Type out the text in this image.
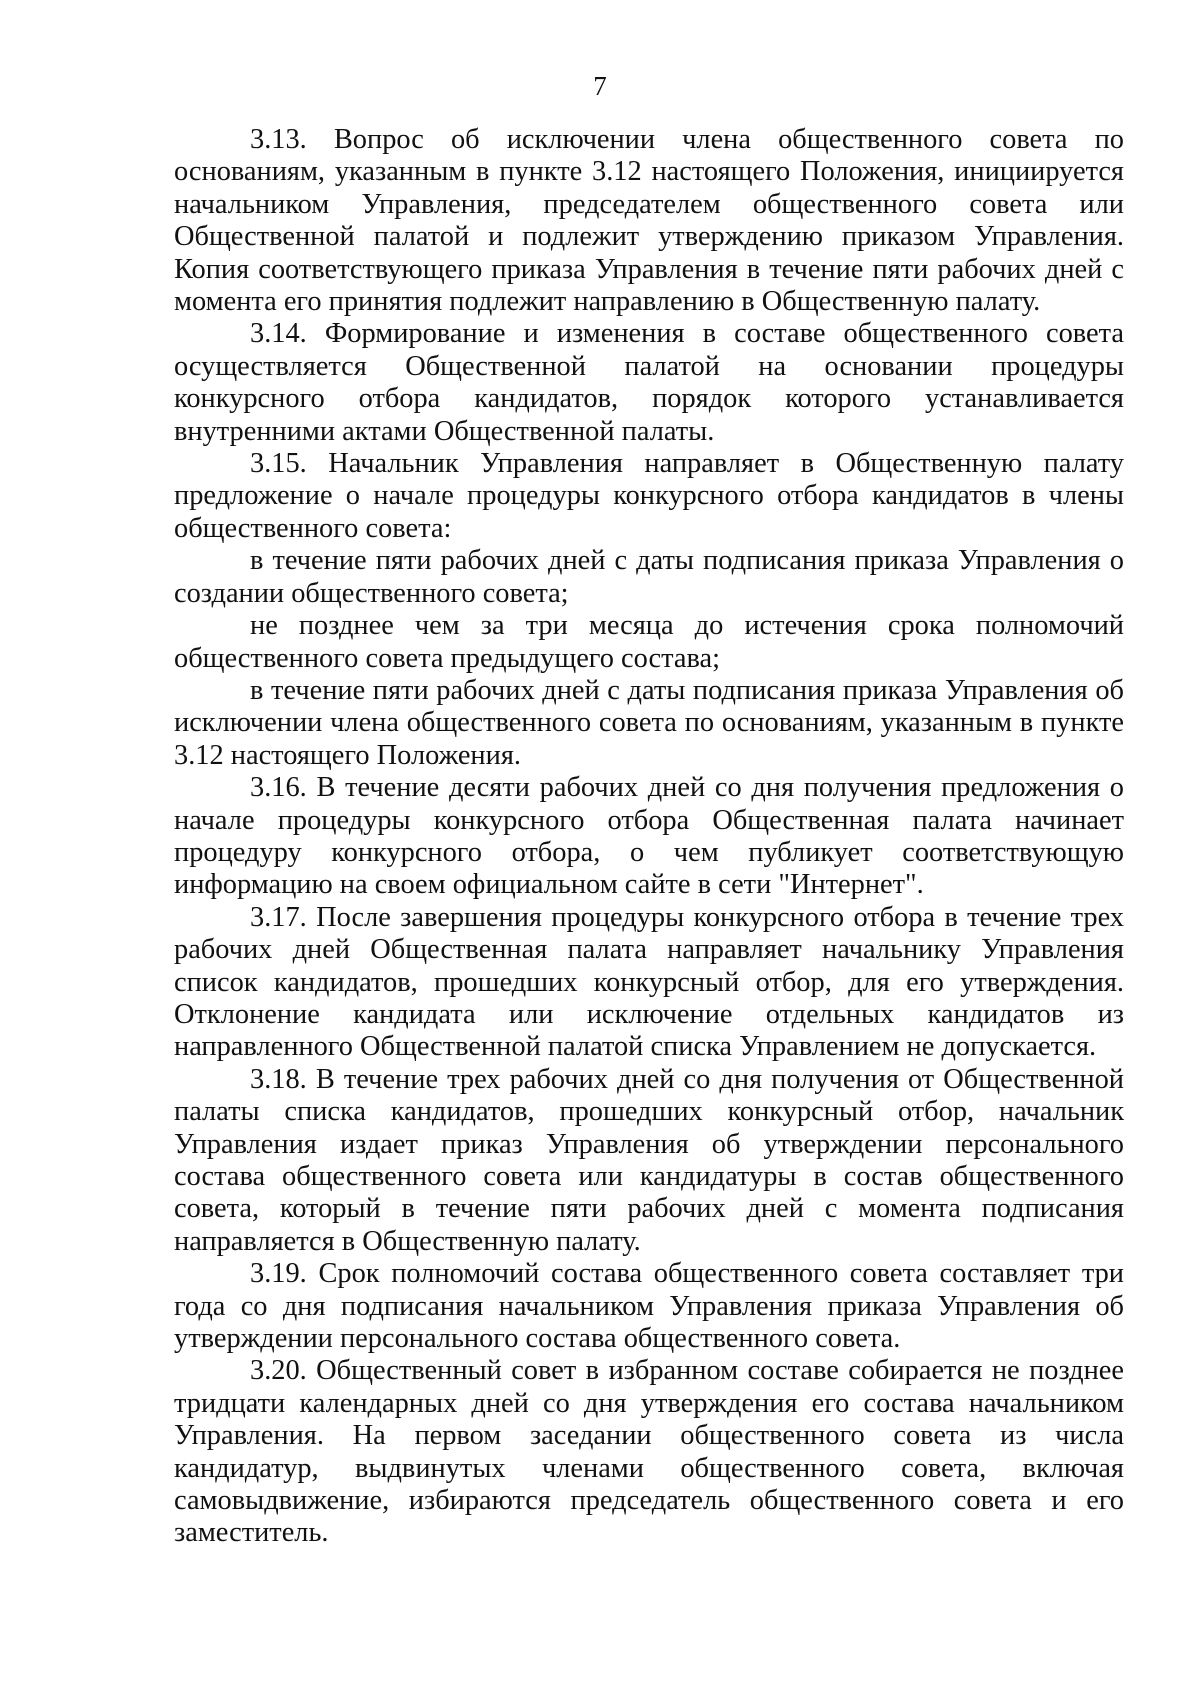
7

3.13. Вопрос об исключении члена общественного совета по основаниям, указанным в пункте 3.12 настоящего Положения, инициируется начальником Управления, председателем общественного совета или Общественной палатой и подлежит утверждению приказом Управления. Копия соответствующего приказа Управления в течение пяти рабочих дней с момента его принятия подлежит направлению в Общественную палату.

3.14. Формирование и изменения в составе общественного совета осуществляется Общественной палатой на основании процедуры конкурсного отбора кандидатов, порядок которого устанавливается внутренними актами Общественной палаты.

3.15. Начальник Управления направляет в Общественную палату предложение о начале процедуры конкурсного отбора кандидатов в члены общественного совета:

в течение пяти рабочих дней с даты подписания приказа Управления о создании общественного совета;

не позднее чем за три месяца до истечения срока полномочий общественного совета предыдущего состава;

в течение пяти рабочих дней с даты подписания приказа Управления об исключении члена общественного совета по основаниям, указанным в пункте 3.12 настоящего Положения.

3.16. В течение десяти рабочих дней со дня получения предложения о начале процедуры конкурсного отбора Общественная палата начинает процедуру конкурсного отбора, о чем публикует соответствующую информацию на своем официальном сайте в сети "Интернет".

3.17. После завершения процедуры конкурсного отбора в течение трех рабочих дней Общественная палата направляет начальнику Управления список кандидатов, прошедших конкурсный отбор, для его утверждения. Отклонение кандидата или исключение отдельных кандидатов из направленного Общественной палатой списка Управлением не допускается.

3.18. В течение трех рабочих дней со дня получения от Общественной палаты списка кандидатов, прошедших конкурсный отбор, начальник Управления издает приказ Управления об утверждении персонального состава общественного совета или кандидатуры в состав общественного совета, который в течение пяти рабочих дней с момента подписания направляется в Общественную палату.

3.19. Срок полномочий состава общественного совета составляет три года со дня подписания начальником Управления приказа Управления об утверждении персонального состава общественного совета.

3.20. Общественный совет в избранном составе собирается не позднее тридцати календарных дней со дня утверждения его состава начальником Управления. На первом заседании общественного совета из числа кандидатур, выдвинутых членами общественного совета, включая самовыдвижение, избираются председатель общественного совета и его заместитель.
